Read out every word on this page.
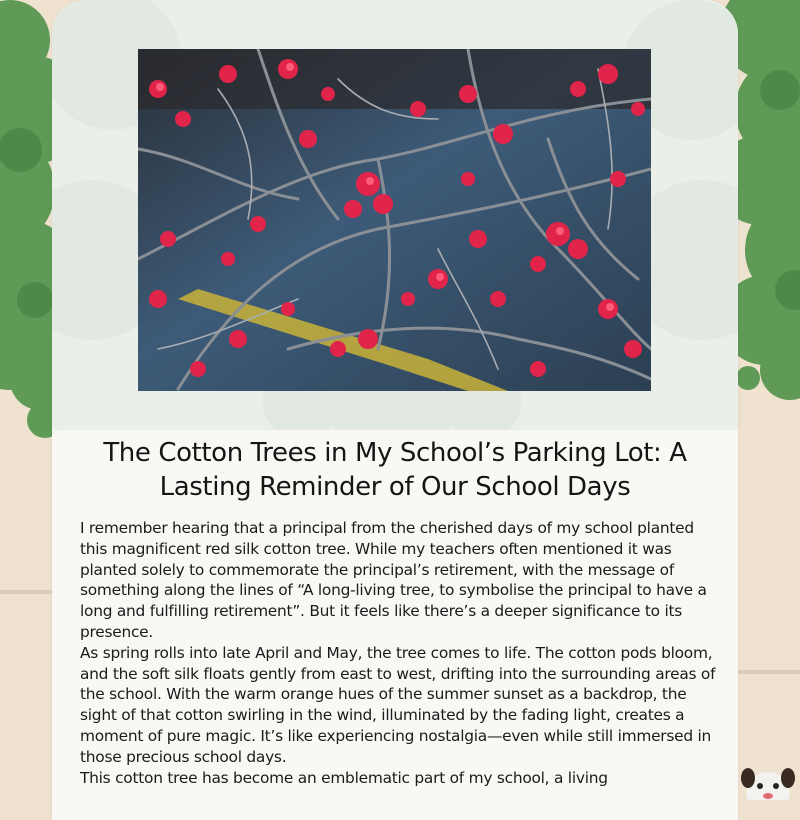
The Cotton Trees in My School’s Parking Lot: A Lasting Reminder of Our School Days

I remember hearing that a principal from the cherished days of my school planted this magnificent red silk cotton tree. While my teachers often mentioned it was planted solely to commemorate the principal’s retirement, with the message of something along the lines of “A long-living tree, to symbolise the principal to have a long and fulfilling retirement”. But it feels like there’s a deeper significance to its presence.

As spring rolls into late April and May, the tree comes to life. The cotton pods bloom, and the soft silk floats gently from east to west, drifting into the surrounding areas of the school. With the warm orange hues of the summer sunset as a backdrop, the sight of that cotton swirling in the wind, illuminated by the fading light, creates a moment of pure magic. It’s like experiencing nostalgia—even while still immersed in those precious school days.

This cotton tree has become an emblematic part of my school, a living
